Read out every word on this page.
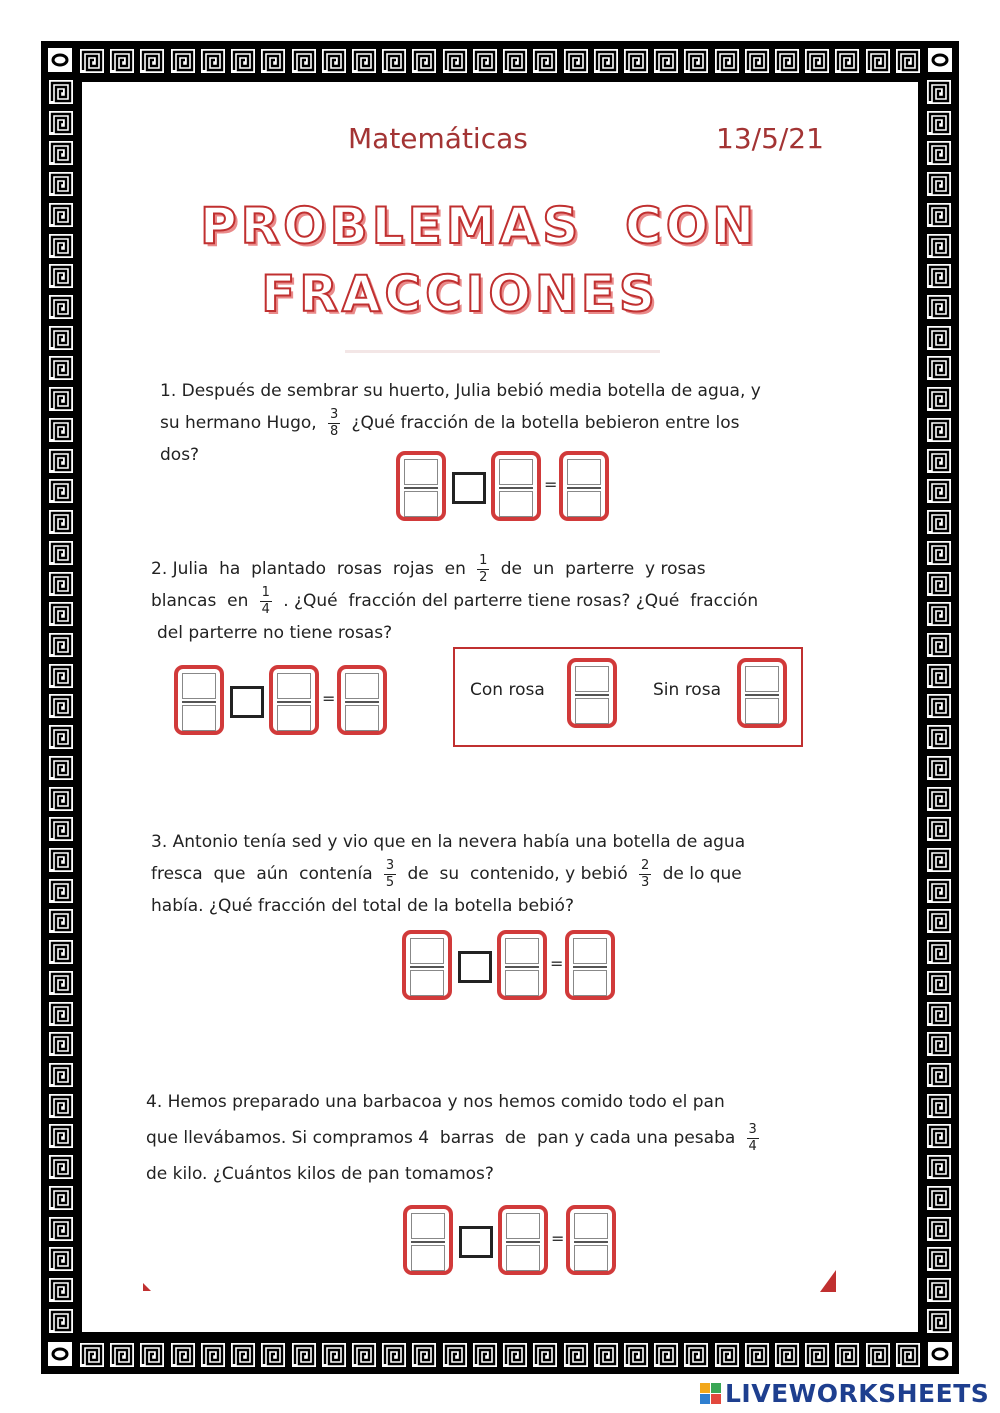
Matemáticas	13/5/21
PROBLEMAS  CON
FRACCIONES
1. Después de sembrar su huerto, Julia bebió media botella de agua, y
su hermano Hugo, $\frac{3}{8}$ ¿Qué fracción de la botella bebieron entre los
dos?
2. Julia  ha  plantado  rosas  rojas  en $\frac{1}{2}$ de  un  parterre  y rosas
blancas  en $\frac{1}{4}$ . ¿Qué  fracción del parterre tiene rosas? ¿Qué  fracción
del parterre no tiene rosas?
3. Antonio tenía sed y vio que en la nevera había una botella de agua
fresca  que  aún  contenía $\frac{3}{5}$ de  su  contenido, y bebió $\frac{2}{3}$ de lo que
había. ¿Qué fracción del total de la botella bebió?
4. Hemos preparado una barbacoa y nos hemos comido todo el pan
que llevábamos. Si compramos 4  barras  de  pan y cada una pesaba $\frac{3}{4}$
de kilo. ¿Cuántos kilos de pan tomamos?
=
=
=
=
Con rosa	Sin rosa
LIVEWORKSHEETS
